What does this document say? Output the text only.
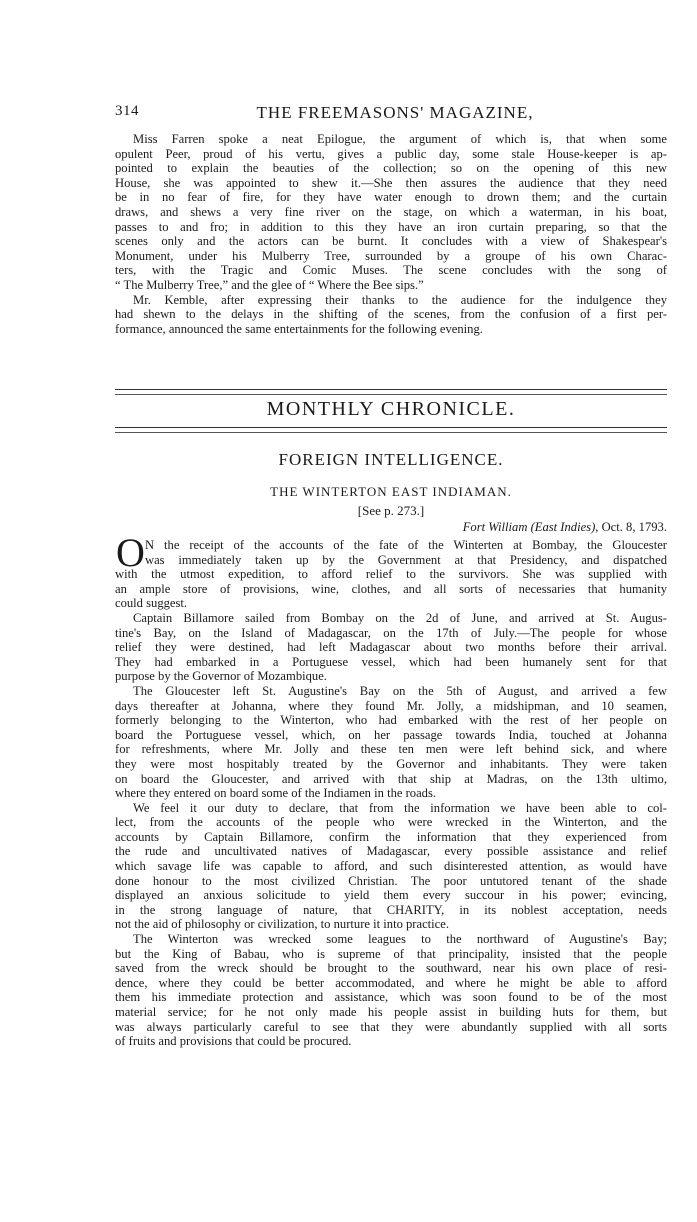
314	THE FREEMASONS' MAGAZINE,
Miss Farren spoke a neat Epilogue, the argument of which is, that when some
opulent Peer, proud of his vertu, gives a public day, some stale House-keeper is ap-
pointed to explain the beauties of the collection; so on the opening of this new
House, she was appointed to shew it.—She then assures the audience that they need
be in no fear of fire, for they have water enough to drown them; and the curtain
draws, and shews a very fine river on the stage, on which a waterman, in his boat,
passes to and fro; in addition to this they have an iron curtain preparing, so that the
scenes only and the actors can be burnt. It concludes with a view of Shakespear's
Monument, under his Mulberry Tree, surrounded by a groupe of his own Charac-
ters, with the Tragic and Comic Muses. The scene concludes with the song of
“ The Mulberry Tree,” and the glee of “ Where the Bee sips.”
Mr. Kemble, after expressing their thanks to the audience for the indulgence they
had shewn to the delays in the shifting of the scenes, from the confusion of a first per-
formance, announced the same entertainments for the following evening.
MONTHLY CHRONICLE.
FOREIGN INTELLIGENCE.
THE WINTERTON EAST INDIAMAN.
[See p. 273.]
Fort William (East Indies), Oct. 8, 1793.
O N the receipt of the accounts of the fate of the Winterten at Bombay, the Gloucester
was immediately taken up by the Government at that Presidency, and dispatched
with the utmost expedition, to afford relief to the survivors. She was supplied with
an ample store of provisions, wine, clothes, and all sorts of necessaries that humanity
could suggest.
Captain Billamore sailed from Bombay on the 2d of June, and arrived at St. Augus-
tine's Bay, on the Island of Madagascar, on the 17th of July.—The people for whose
relief they were destined, had left Madagascar about two months before their arrival.
They had embarked in a Portuguese vessel, which had been humanely sent for that
purpose by the Governor of Mozambique.
The Gloucester left St. Augustine's Bay on the 5th of August, and arrived a few
days thereafter at Johanna, where they found Mr. Jolly, a midshipman, and 10 seamen,
formerly belonging to the Winterton, who had embarked with the rest of her people on
board the Portuguese vessel, which, on her passage towards India, touched at Johanna
for refreshments, where Mr. Jolly and these ten men were left behind sick, and where
they were most hospitably treated by the Governor and inhabitants. They were taken
on board the Gloucester, and arrived with that ship at Madras, on the 13th ultimo,
where they entered on board some of the Indiamen in the roads.
We feel it our duty to declare, that from the information we have been able to col-
lect, from the accounts of the people who were wrecked in the Winterton, and the
accounts by Captain Billamore, confirm the information that they experienced from
the rude and uncultivated natives of Madagascar, every possible assistance and relief
which savage life was capable to afford, and such disinterested attention, as would have
done honour to the most civilized Christian. The poor untutored tenant of the shade
displayed an anxious solicitude to yield them every succour in his power; evincing,
in the strong language of nature, that CHARITY, in its noblest acceptation, needs
not the aid of philosophy or civilization, to nurture it into practice.
The Winterton was wrecked some leagues to the northward of Augustine's Bay;
but the King of Babau, who is supreme of that principality, insisted that the people
saved from the wreck should be brought to the southward, near his own place of resi-
dence, where they could be better accommodated, and where he might be able to afford
them his immediate protection and assistance, which was soon found to be of the most
material service; for he not only made his people assist in building huts for them, but
was always particularly careful to see that they were abundantly supplied with all sorts
of fruits and provisions that could be procured.
